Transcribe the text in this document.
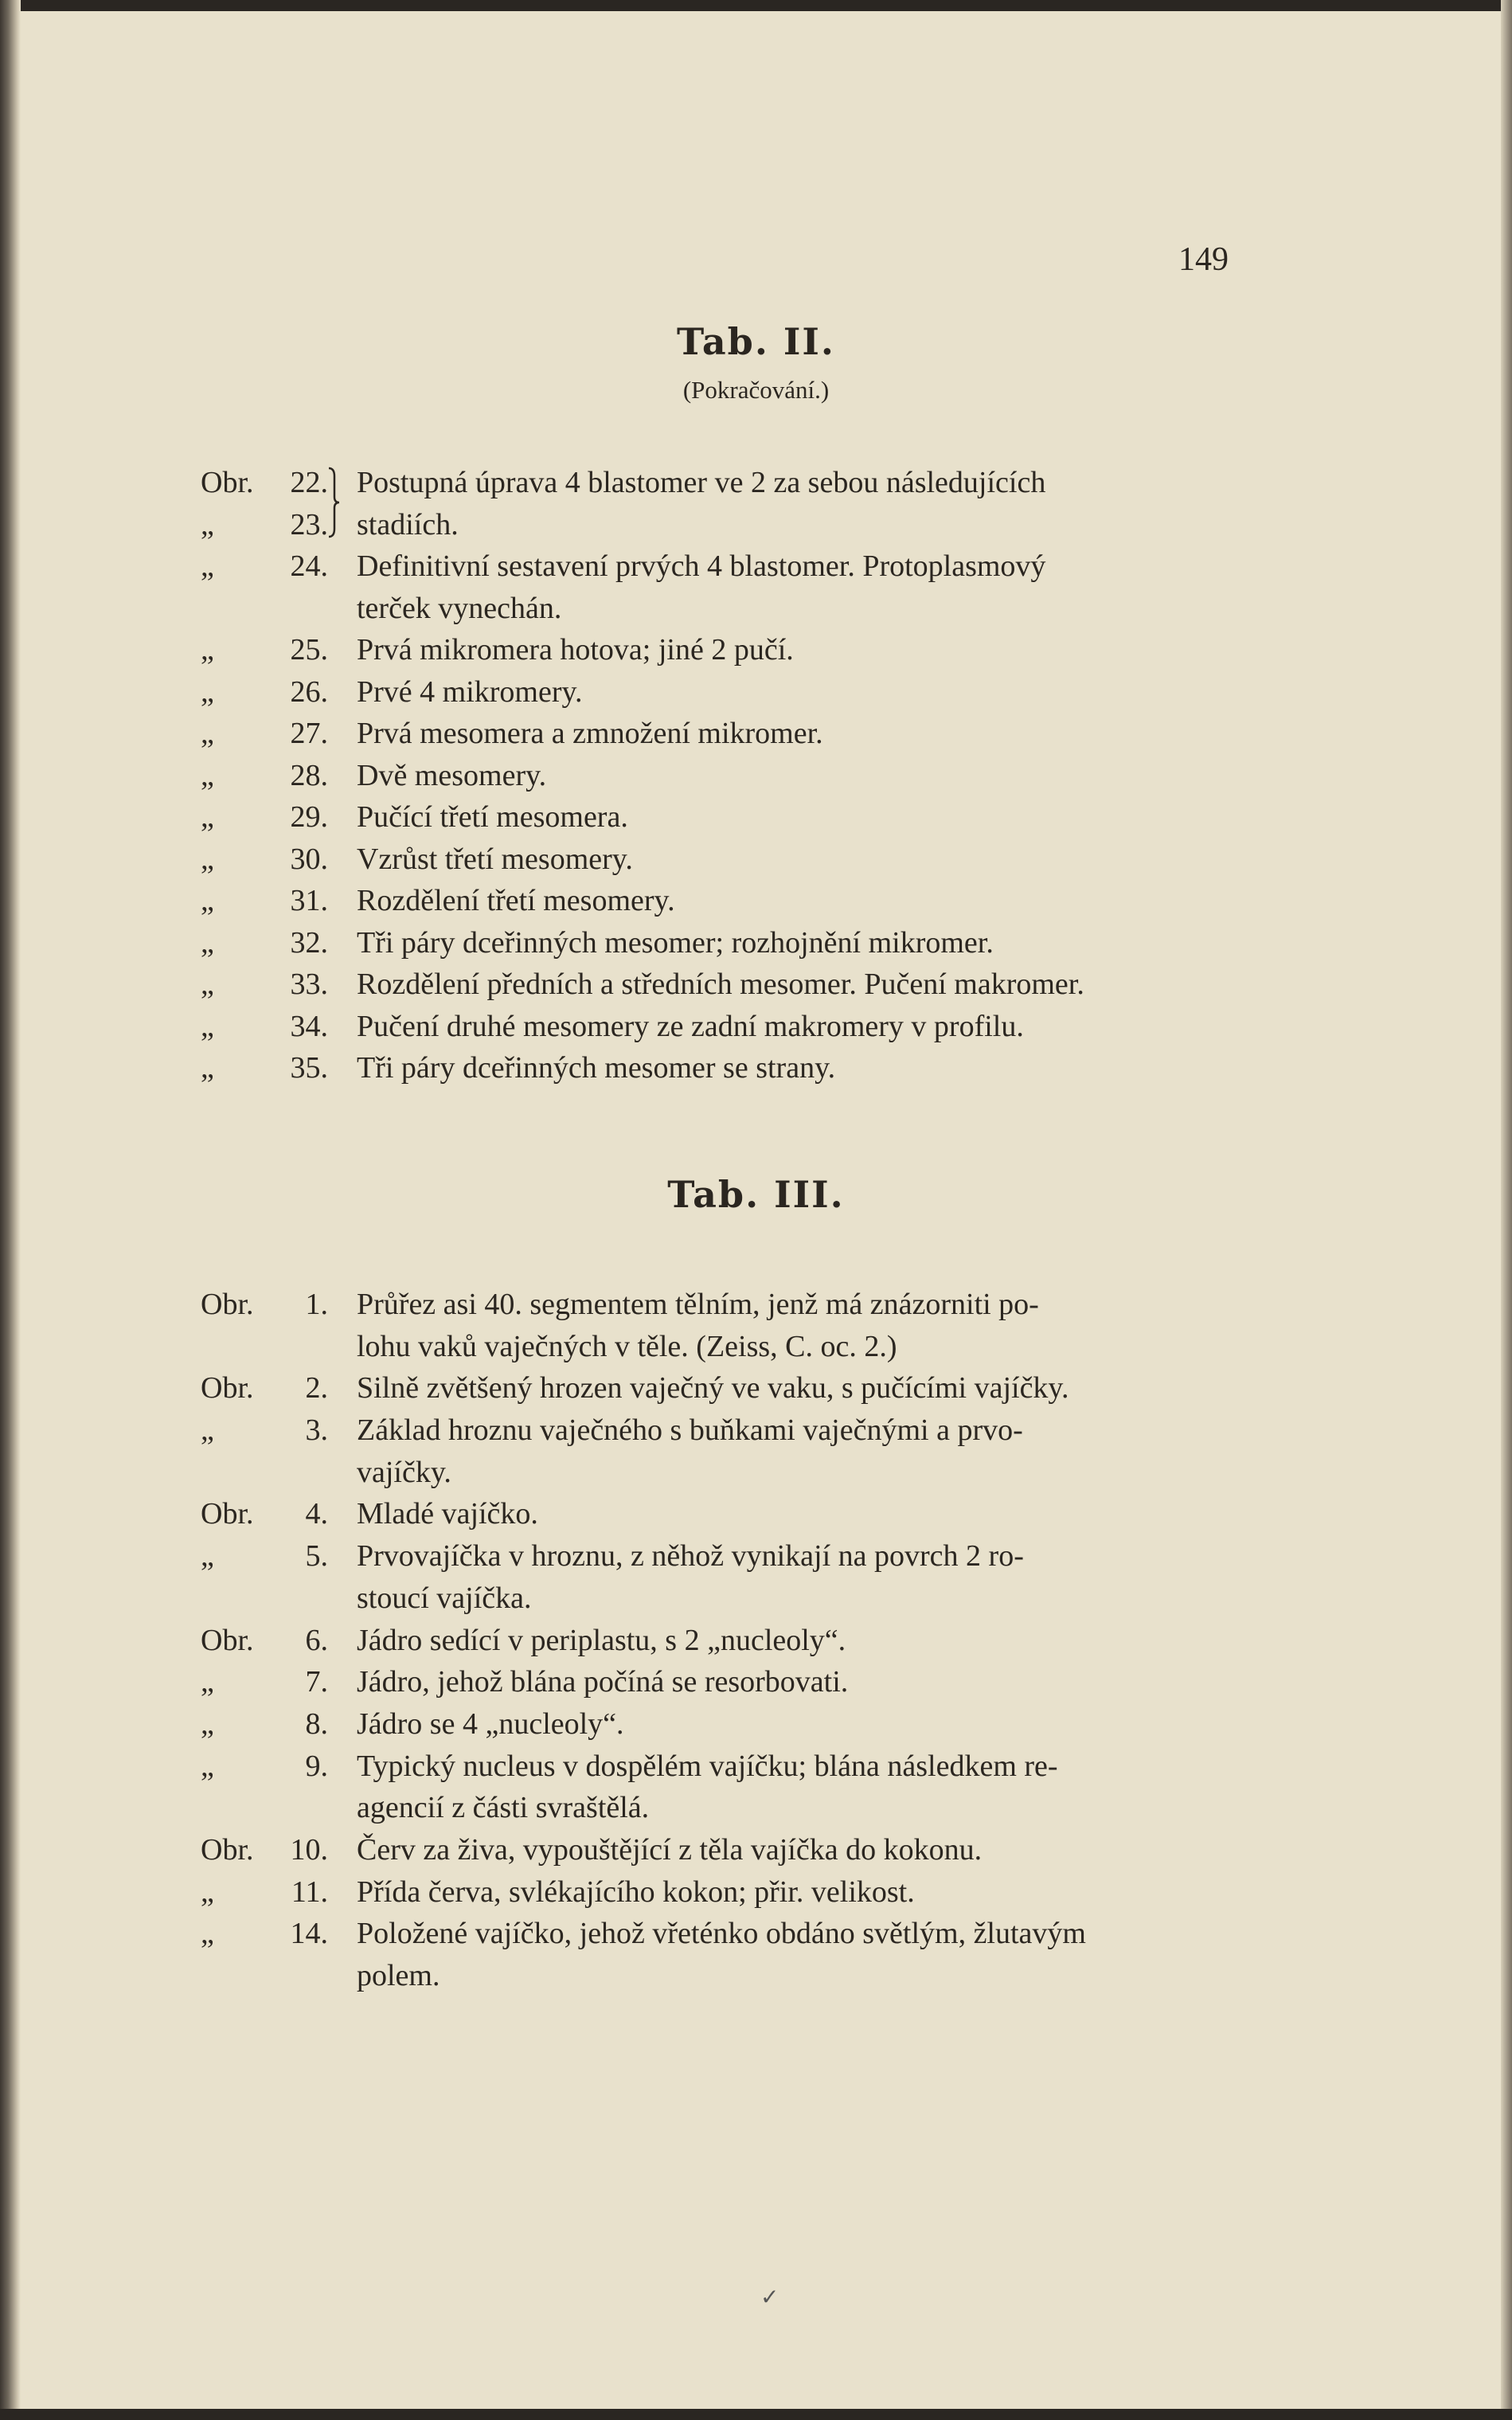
149
Tab. II.
(Pokračování.)
Obr.	22. Postupná úprava 4 blastomer ve 2 za sebou následujících
„	23. stadiích.
„	24. Definitivní sestavení prvých 4 blastomer. Protoplasmový
terček vynechán.
„	25. Prvá mikromera hotova; jiné 2 pučí.
„	26. Prvé 4 mikromery.
„	27. Prvá mesomera a zmnožení mikromer.
„	28. Dvě mesomery.
„	29. Pučící třetí mesomera.
„	30. Vzrůst třetí mesomery.
„	31. Rozdělení třetí mesomery.
„	32. Tři páry dceřinných mesomer; rozhojnění mikromer.
„	33. Rozdělení předních a středních mesomer. Pučení makromer.
„	34. Pučení druhé mesomery ze zadní makromery v profilu.
„	35. Tři páry dceřinných mesomer se strany.
Tab. III.
Obr.	1. Průřez asi 40. segmentem tělním, jenž má znázorniti po-
lohu vaků vaječných v těle. (Zeiss, C. oc. 2.)
Obr.	2. Silně zvětšený hrozen vaječný ve vaku, s pučícími vajíčky.
„	3. Základ hroznu vaječného s buňkami vaječnými a prvo-
vajíčky.
Obr.	4. Mladé vajíčko.
„	5. Prvovajíčka v hroznu, z něhož vynikají na povrch 2 ro-
stoucí vajíčka.
Obr.	6. Jádro sedící v periplastu, s 2 „nucleoly“.
„	7. Jádro, jehož blána počíná se resorbovati.
„	8. Jádro se 4 „nucleoly“.
„	9. Typický nucleus v dospělém vajíčku; blána následkem re-
agencií z části svraštělá.
Obr.	10. Červ za živa, vypouštějící z těla vajíčka do kokonu.
„	11. Přída červa, svlékajícího kokon; přir. velikost.
„	14. Položené vajíčko, jehož vřeténko obdáno světlým, žlutavým
polem.
✓
